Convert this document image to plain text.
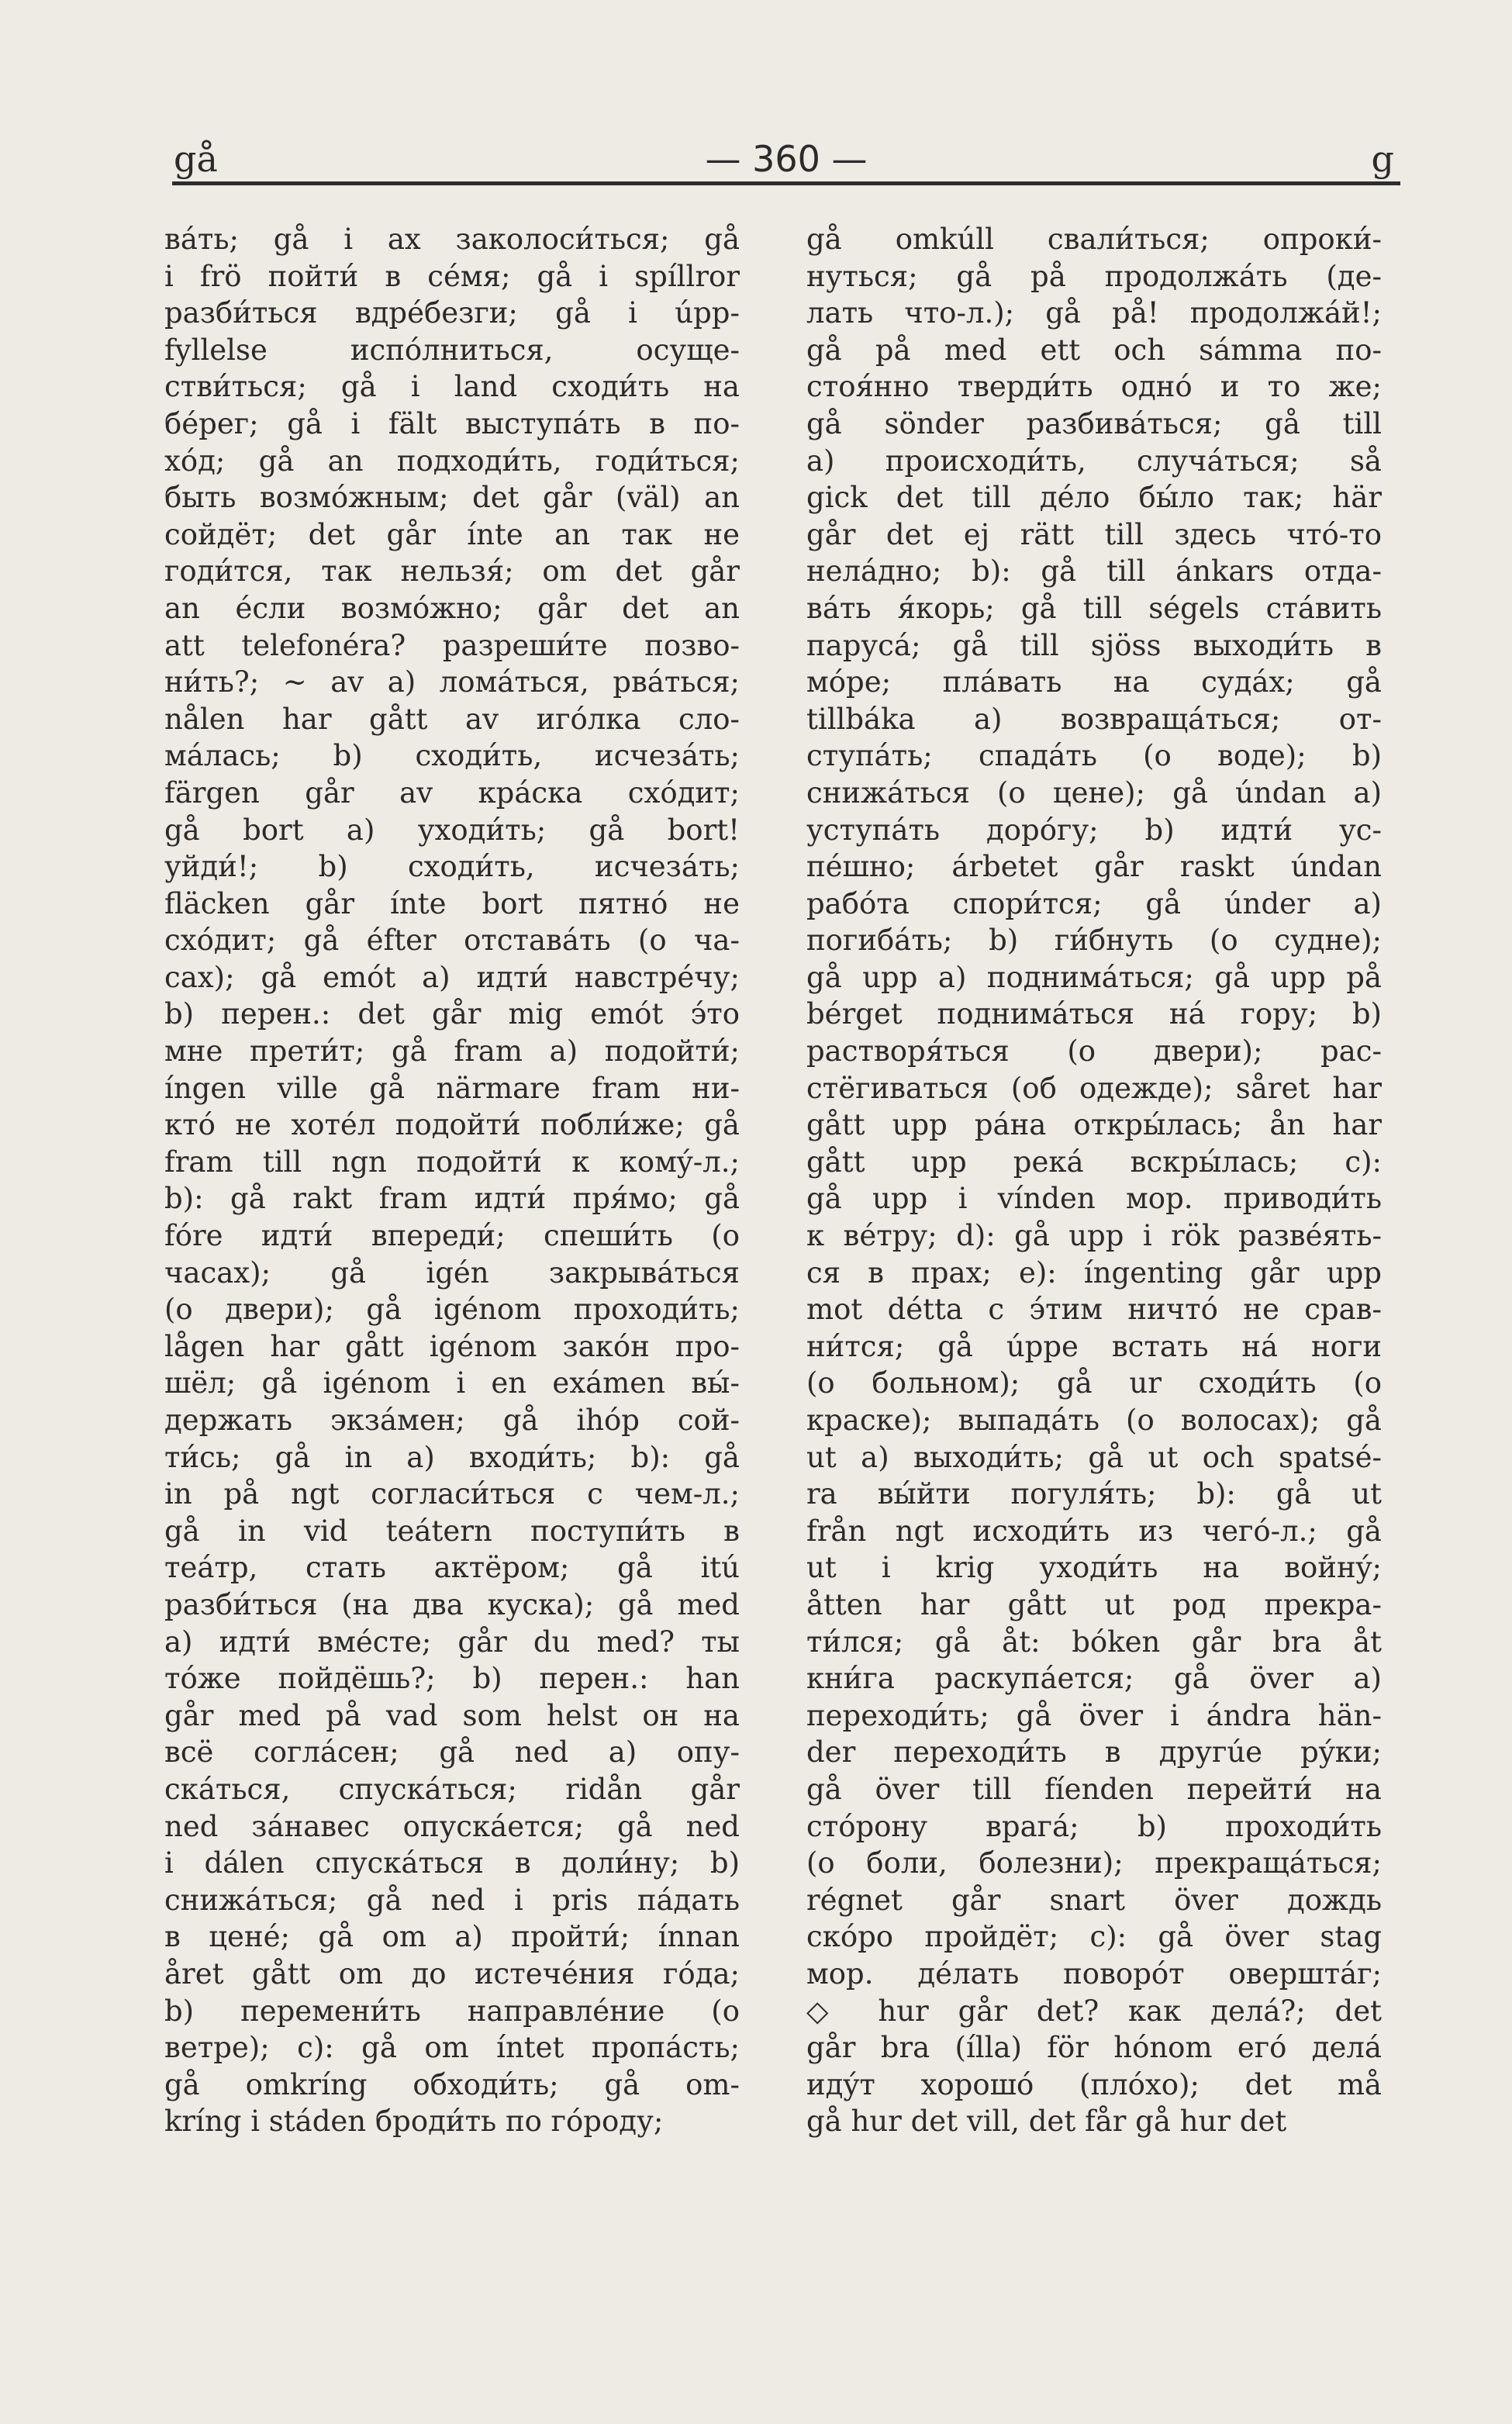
gå	— 360 —	g
вáть; gå i ax заколоси́ться; gå
i frö пойти́ в сéмя; gå i spíllror
разби́ться вдрéбезги; gå i úpp-
fyllelse испóлниться, осуще-
стви́ться; gå i land сходи́ть на
бéрег; gå i fält выступáть в по-
хóд; gå an подходи́ть, годи́ться;
быть возмóжным; det går (väl) an
сойдёт; det går ínte an так не
годи́тся, так нельзя́; om det går
an éсли возмóжно; går det an
att telefonéra? разреши́те позво-
ни́ть?; ~ av a) ломáться, рвáться;
nålen har gått av игóлка сло-
мáлась; b) сходи́ть, исчезáть;
färgen går av крáска схóдит;
gå bort a) уходи́ть; gå bort!
уйди́!; b) сходи́ть, исчезáть;
fläcken går ínte bort пятнó не
схóдит; gå éfter отставáть (о ча-
сах); gå emót a) идти́ навстрéчу;
b) перен.: det går mig emót э́то
мне прети́т; gå fram a) подойти́;
íngen ville gå närmare fram ни-
ктó не хотéл подойти́ побли́же; gå
fram till ngn подойти́ к комý-л.;
b): gå rakt fram идти́ пря́мо; gå
fóre идти́ впереди́; спеши́ть (о
часах); gå igén закрывáться
(о двери); gå igénom проходи́ть;
lågen har gått igénom закóн про-
шёл; gå igénom i en exámen вы́-
держать экзáмен; gå ihóp сой-
ти́сь; gå in a) входи́ть; b): gå
in på ngt согласи́ться с чем-л.;
gå in vid teátern поступи́ть в
теáтр, стать актёром; gå itú
разби́ться (на два куска); gå med
a) идти́ вмéсте; går du med? ты
тóже пойдёшь?; b) перен.: han
går med på vad som helst он на
всё соглáсен; gå ned a) опу-
скáться, спускáться; ridån går
ned зáнавес опускáется; gå ned
i dálen спускáться в доли́ну; b)
снижáться; gå ned i pris пáдать
в ценé; gå om a) пройти́; ínnan
året gått om до истечéния гóда;
b) перемени́ть направлéние (о
ветре); c): gå om íntet пропáсть;
gå omkríng обходи́ть; gå om-
kríng i stáden броди́ть по гóроду;
gå omkúll свали́ться; опроки́-
нуться; gå på продолжáть (де-
лать что-л.); gå på! продолжáй!;
gå på med ett och sámma по-
стоя́нно тверди́ть однó и то же;
gå sönder разбивáться; gå till
a) происходи́ть, случáться; så
gick det till дéло бы́ло так; här
går det ej rätt till здесь чтó-то
нелáдно; b): gå till ánkars отда-
вáть я́корь; gå till ségels стáвить
парусá; gå till sjöss выходи́ть в
мóре; плáвать на судáх; gå
tillbáka a) возвращáться; от-
ступáть; спадáть (о воде); b)
снижáться (о цене); gå úndan a)
уступáть дорóгу; b) идти́ ус-
пéшно; árbetet går raskt úndan
рабóта спори́тся; gå únder a)
погибáть; b) ги́бнуть (о судне);
gå upp a) поднимáться; gå upp på
bérget поднимáться нá гору; b)
растворя́ться (о двери); рас-
стёгиваться (об одежде); såret har
gått upp рáна откры́лась; ån har
gått upp рекá вскры́лась; c):
gå upp i vínden мор. приводи́ть
к вéтру; d): gå upp i rök развéять-
ся в прах; e): íngenting går upp
mot détta с э́тим ничтó не срав-
ни́тся; gå úppe встать нá ноги
(о больном); gå ur сходи́ть (о
краске); выпадáть (о волосах); gå
ut a) выходи́ть; gå ut och spatsé-
ra вы́йти погуля́ть; b): gå ut
från ngt исходи́ть из чегó-л.; gå
ut i krig уходи́ть на войнý;
åtten har gått ut род прекра-
ти́лся; gå åt: bóken går bra åt
кни́га раскупáется; gå över a)
переходи́ть; gå över i ándra hän-
der переходи́ть в другúе рýки;
gå över till fíenden перейти́ на
стóрону врагá; b) проходи́ть
(о боли, болезни); прекращáться;
régnet går snart över дождь
скóро пройдёт; c): gå över stag
мор. дéлать поворóт оверштáг;
◇ hur går det? как делá?; det
går bra (ílla) för hónom егó делá
идýт хорошó (плóхо); det må
gå hur det vill, det får gå hur det
